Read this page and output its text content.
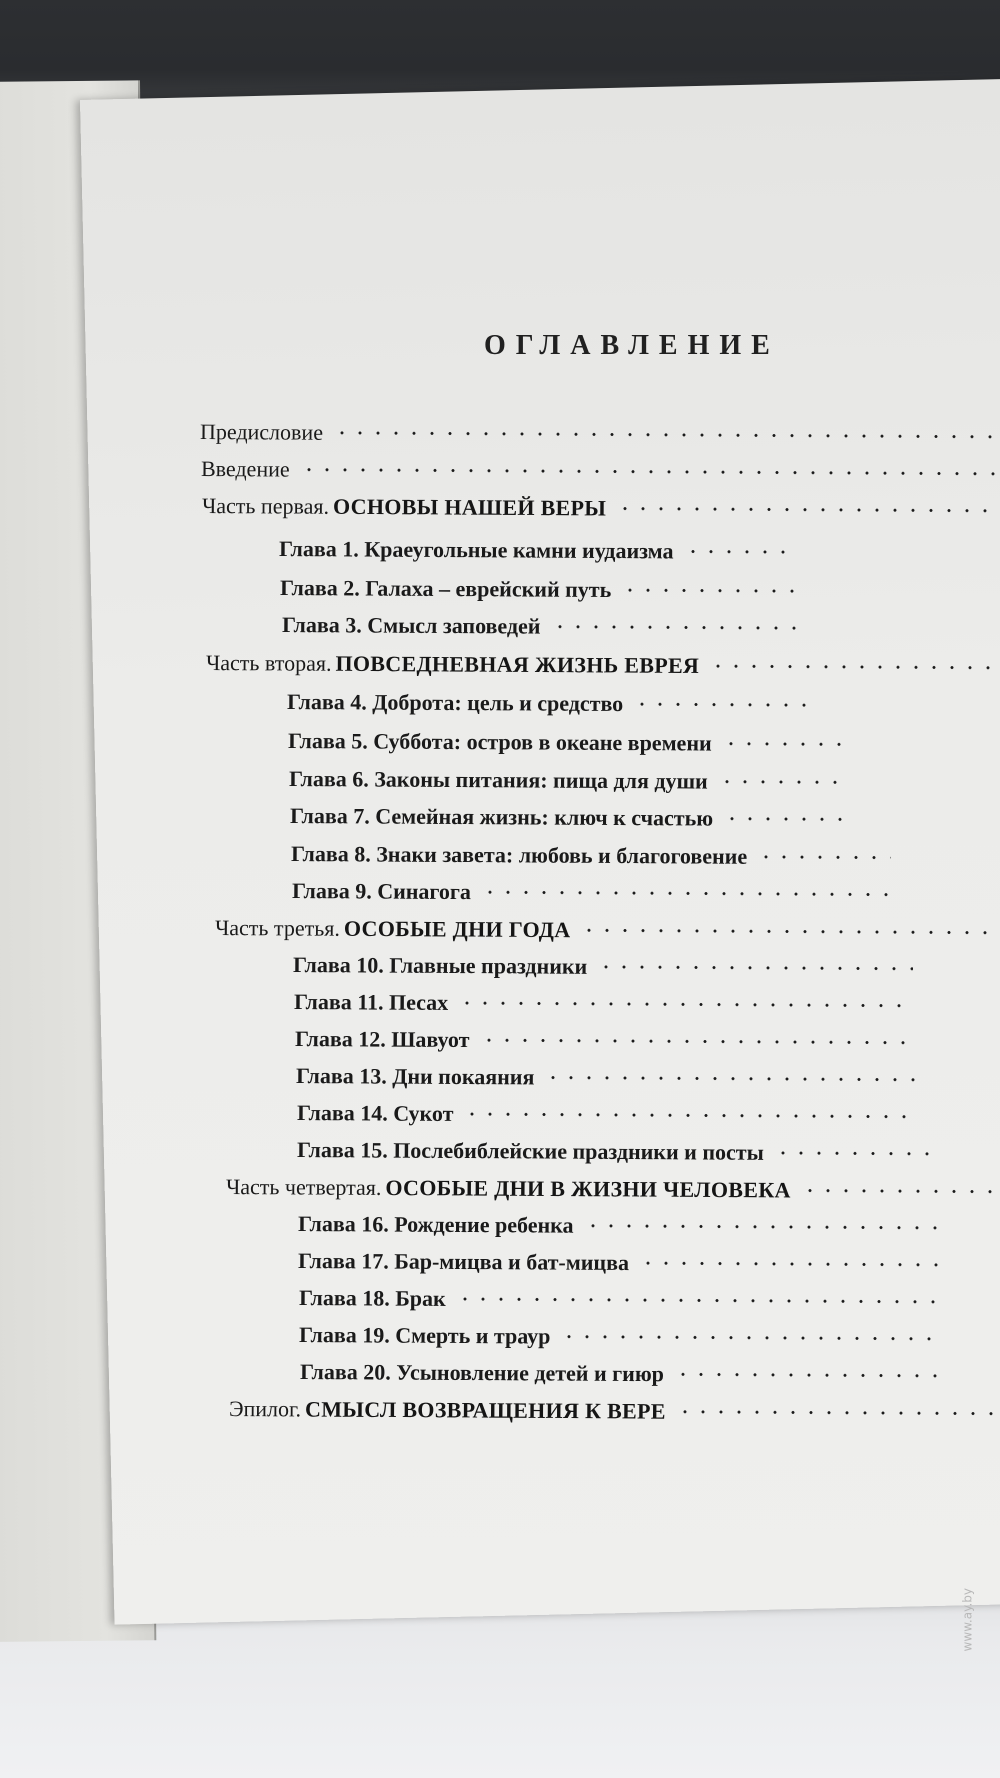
ОГЛАВЛЕНИЕ
Предисловие
Введение
Часть первая.
ОСНОВЫ НАШЕЙ ВЕРЫ
Глава 1. Краеугольные камни иудаизма
Глава 2. Галаха – еврейский путь
Глава 3. Смысл заповедей
Часть вторая.
ПОВСЕДНЕВНАЯ ЖИЗНЬ ЕВРЕЯ
Глава 4. Доброта: цель и средство
Глава 5. Суббота: остров в океане времени
Глава 6. Законы питания: пища для души
Глава 7. Семейная жизнь: ключ к счастью
Глава 8. Знаки завета: любовь и благоговение
Глава 9. Синагога
Часть третья.
ОСОБЫЕ ДНИ ГОДА
Глава 10. Главные праздники
Глава 11. Песах
Глава 12. Шавуот
Глава 13. Дни покаяния
Глава 14. Сукот
Глава 15. Послебиблейские праздники и посты
Часть четвертая.
ОСОБЫЕ ДНИ В ЖИЗНИ ЧЕЛОВЕКА
Глава 16. Рождение ребенка
Глава 17. Бар-мицва и бат-мицва
Глава 18. Брак
Глава 19. Смерть и траур
Глава 20. Усыновление детей и гиюр
Эпилог.
СМЫСЛ ВОЗВРАЩЕНИЯ К ВЕРЕ
www.ay.by
